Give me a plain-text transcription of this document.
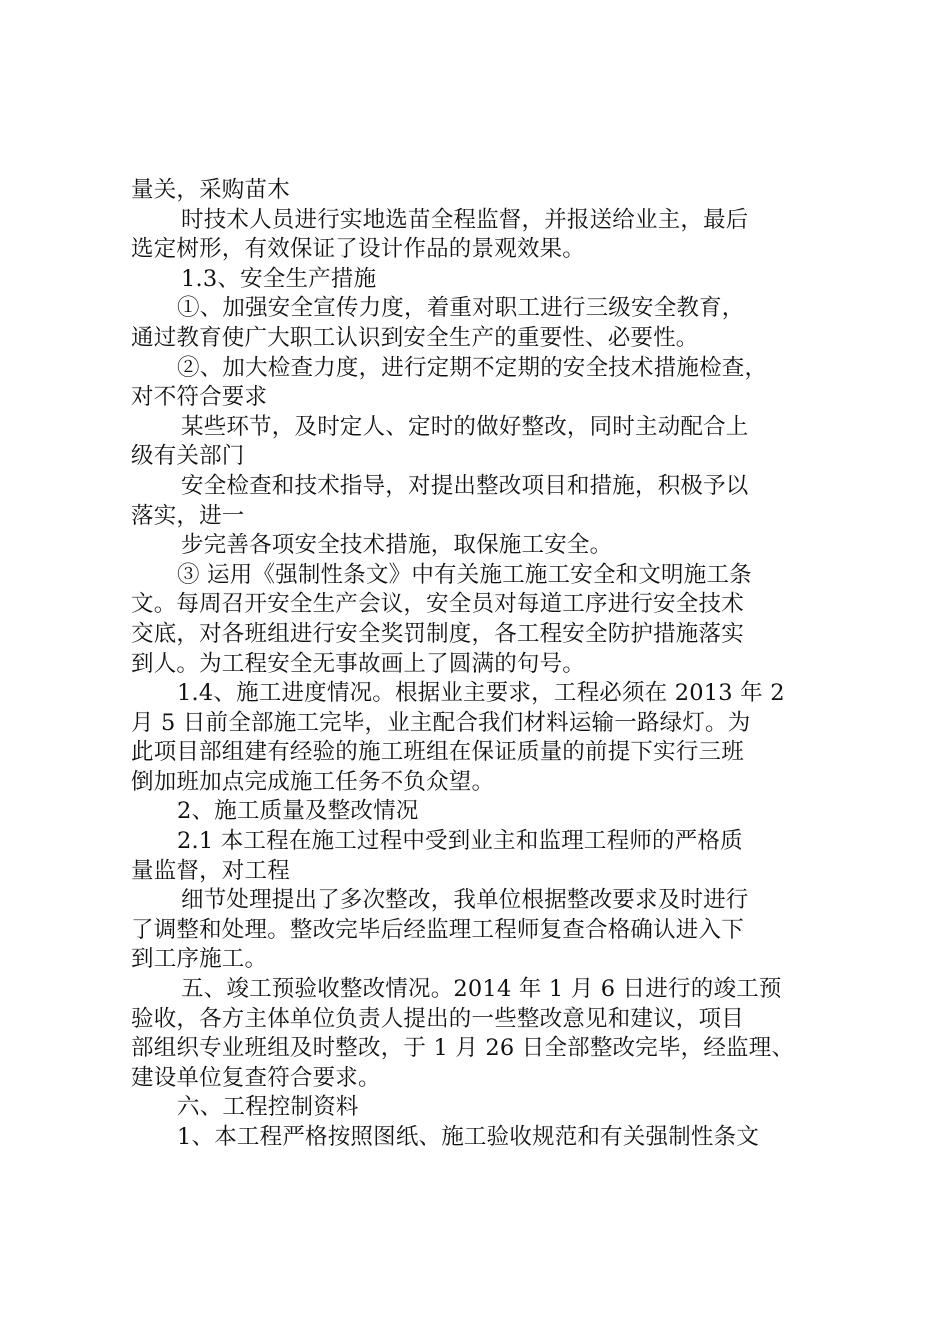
量关，采购苗木

时技术人员进行实地选苗全程监督，并报送给业主，最后
选定树形，有效保证了设计作品的景观效果。

1.3、安全生产措施

①、加强安全宣传力度，着重对职工进行三级安全教育，
通过教育使广大职工认识到安全生产的重要性、必要性。

②、加大检查力度，进行定期不定期的安全技术措施检查，
对不符合要求

某些环节，及时定人、定时的做好整改，同时主动配合上
级有关部门

安全检查和技术指导，对提出整改项目和措施，积极予以
落实，进一

步完善各项安全技术措施，取保施工安全。

③ 运用《强制性条文》中有关施工施工安全和文明施工条
文。每周召开安全生产会议，安全员对每道工序进行安全技术
交底，对各班组进行安全奖罚制度，各工程安全防护措施落实
到人。为工程安全无事故画上了圆满的句号。

1.4、施工进度情况。根据业主要求，工程必须在 2013 年 2
月 5 日前全部施工完毕，业主配合我们材料运输一路绿灯。为
此项目部组建有经验的施工班组在保证质量的前提下实行三班
倒加班加点完成施工任务不负众望。

2、施工质量及整改情况

2.1 本工程在施工过程中受到业主和监理工程师的严格质
量监督，对工程

细节处理提出了多次整改，我单位根据整改要求及时进行
了调整和处理。整改完毕后经监理工程师复查合格确认进入下
到工序施工。

五、竣工预验收整改情况。2014 年 1 月 6 日进行的竣工预
验收，各方主体单位负责人提出的一些整改意见和建议，项目
部组织专业班组及时整改，于 1 月 26 日全部整改完毕，经监理、
建设单位复查符合要求。

六、工程控制资料

1、本工程严格按照图纸、施工验收规范和有关强制性条文
